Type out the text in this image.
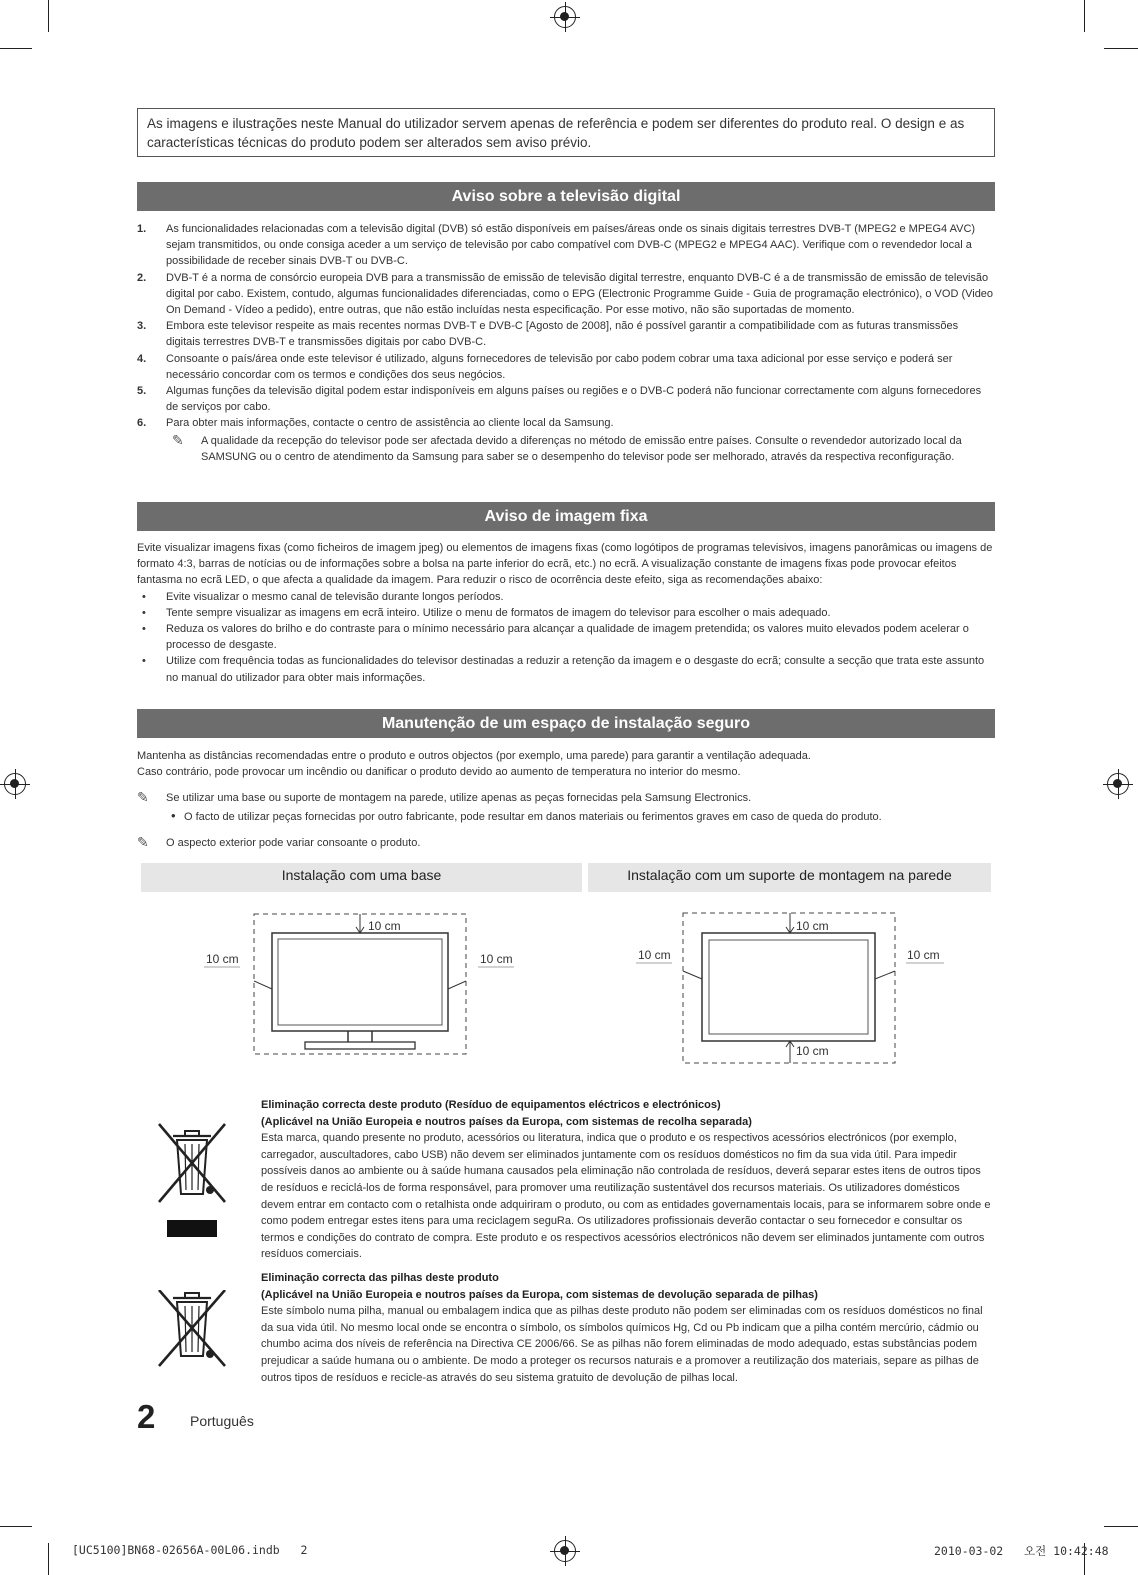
As imagens e ilustrações neste Manual do utilizador servem apenas de referência e podem ser diferentes do produto real. O design e as características técnicas do produto podem ser alterados sem aviso prévio.
Aviso sobre a televisão digital
1. As funcionalidades relacionadas com a televisão digital (DVB) só estão disponíveis em países/áreas onde os sinais digitais terrestres DVB-T (MPEG2 e MPEG4 AVC) sejam transmitidos, ou onde consiga aceder a um serviço de televisão por cabo compatível com DVB-C (MPEG2 e MPEG4 AAC). Verifique com o revendedor local a possibilidade de receber sinais DVB-T ou DVB-C.
2. DVB-T é a norma de consórcio europeia DVB para a transmissão de emissão de televisão digital terrestre, enquanto DVB-C é a de transmissão de emissão de televisão digital por cabo. Existem, contudo, algumas funcionalidades diferenciadas, como o EPG (Electronic Programme Guide - Guia de programação electrónico), o VOD (Video On Demand - Vídeo a pedido), entre outras, que não estão incluídas nesta especificação. Por esse motivo, não são suportadas de momento.
3. Embora este televisor respeite as mais recentes normas DVB-T e DVB-C [Agosto de 2008], não é possível garantir a compatibilidade com as futuras transmissões digitais terrestres DVB-T e transmissões digitais por cabo DVB-C.
4. Consoante o país/área onde este televisor é utilizado, alguns fornecedores de televisão por cabo podem cobrar uma taxa adicional por esse serviço e poderá ser necessário concordar com os termos e condições dos seus negócios.
5. Algumas funções da televisão digital podem estar indisponíveis em alguns países ou regiões e o DVB-C poderá não funcionar correctamente com alguns fornecedores de serviços por cabo.
6. Para obter mais informações, contacte o centro de assistência ao cliente local da Samsung.
✎ A qualidade da recepção do televisor pode ser afectada devido a diferenças no método de emissão entre países. Consulte o revendedor autorizado local da SAMSUNG ou o centro de atendimento da Samsung para saber se o desempenho do televisor pode ser melhorado, através da respectiva reconfiguração.
Aviso de imagem fixa
Evite visualizar imagens fixas (como ficheiros de imagem jpeg) ou elementos de imagens fixas (como logótipos de programas televisivos, imagens panorâmicas ou imagens de formato 4:3, barras de notícias ou de informações sobre a bolsa na parte inferior do ecrã, etc.) no ecrã. A visualização constante de imagens fixas pode provocar efeitos fantasma no ecrã LED, o que afecta a qualidade da imagem. Para reduzir o risco de ocorrência deste efeito, siga as recomendações abaixo:
• Evite visualizar o mesmo canal de televisão durante longos períodos.
• Tente sempre visualizar as imagens em ecrã inteiro. Utilize o menu de formatos de imagem do televisor para escolher o mais adequado.
• Reduza os valores do brilho e do contraste para o mínimo necessário para alcançar a qualidade de imagem pretendida; os valores muito elevados podem acelerar o processo de desgaste.
• Utilize com frequência todas as funcionalidades do televisor destinadas a reduzir a retenção da imagem e o desgaste do ecrã; consulte a secção que trata este assunto no manual do utilizador para obter mais informações.
Manutenção de um espaço de instalação seguro
Mantenha as distâncias recomendadas entre o produto e outros objectos (por exemplo, uma parede) para garantir a ventilação adequada.
Caso contrário, pode provocar um incêndio ou danificar o produto devido ao aumento de temperatura no interior do mesmo.
✎ Se utilizar uma base ou suporte de montagem na parede, utilize apenas as peças fornecidas pela Samsung Electronics.
• O facto de utilizar peças fornecidas por outro fabricante, pode resultar em danos materiais ou ferimentos graves em caso de queda do produto.
✎ O aspecto exterior pode variar consoante o produto.
Instalação com uma base	Instalação com um suporte de montagem na parede
10 cm
10 cm	10 cm
10 cm
10 cm	10 cm
10 cm
Eliminação correcta deste produto (Resíduo de equipamentos eléctricos e electrónicos)
(Aplicável na União Europeia e noutros países da Europa, com sistemas de recolha separada)
Esta marca, quando presente no produto, acessórios ou literatura, indica que o produto e os respectivos acessórios electrónicos (por exemplo, carregador, auscultadores, cabo USB) não devem ser eliminados juntamente com os resíduos domésticos no fim da sua vida útil. Para impedir possíveis danos ao ambiente ou à saúde humana causados pela eliminação não controlada de resíduos, deverá separar estes itens de outros tipos de resíduos e reciclá-los de forma responsável, para promover uma reutilização sustentável dos recursos materiais. Os utilizadores domésticos devem entrar em contacto com o retalhista onde adquiriram o produto, ou com as entidades governamentais locais, para se informarem sobre onde e como podem entregar estes itens para uma reciclagem seguRa. Os utilizadores profissionais deverão contactar o seu fornecedor e consultar os termos e condições do contrato de compra. Este produto e os respectivos acessórios electrónicos não devem ser eliminados juntamente com outros resíduos comerciais.
Eliminação correcta das pilhas deste produto
(Aplicável na União Europeia e noutros países da Europa, com sistemas de devolução separada de pilhas)
Este símbolo numa pilha, manual ou embalagem indica que as pilhas deste produto não podem ser eliminadas com os resíduos domésticos no final da sua vida útil. No mesmo local onde se encontra o símbolo, os símbolos químicos Hg, Cd ou Pb indicam que a pilha contém mercúrio, cádmio ou chumbo acima dos níveis de referência na Directiva CE 2006/66. Se as pilhas não forem eliminadas de modo adequado, estas substâncias podem prejudicar a saúde humana ou o ambiente. De modo a proteger os recursos naturais e a promover a reutilização dos materiais, separe as pilhas de outros tipos de resíduos e recicle-as através do seu sistema gratuito de devolução de pilhas local.
2 Português
[UC5100]BN68-02656A-00L06.indb   2	2010-03-02   오전 10:42:48
